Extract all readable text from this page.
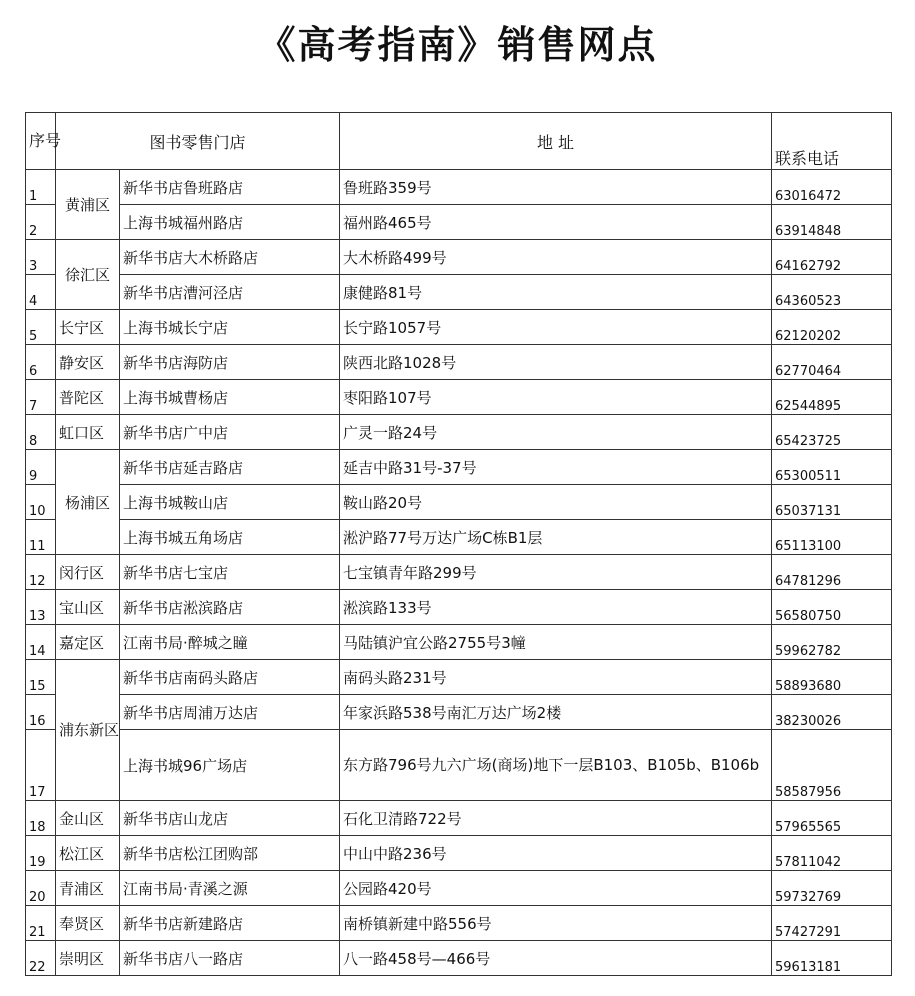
《高考指南》销售网点
序号	图书零售门店		地 址	联系电话

1	黄浦区	新华书店鲁班路店	鲁班路359号	63016472
2		上海书城福州路店	福州路465号	63914848
3	徐汇区	新华书店大木桥路店	大木桥路499号	64162792
4		新华书店漕河泾店	康健路81号	64360523
5	长宁区	上海书城长宁店	长宁路1057号	62120202
6	静安区	新华书店海防店	陕西北路1028号	62770464
7	普陀区	上海书城曹杨店	枣阳路107号	62544895
8	虹口区	新华书店广中店	广灵一路24号	65423725
9	杨浦区	新华书店延吉路店	延吉中路31号-37号	65300511
10		上海书城鞍山店	鞍山路20号	65037131
11		上海书城五角场店	淞沪路77号万达广场C栋B1层	65113100
12	闵行区	新华书店七宝店	七宝镇青年路299号	64781296
13	宝山区	新华书店淞滨路店	淞滨路133号	56580750
14	嘉定区	江南书局·醉城之瞳	马陆镇沪宜公路2755号3幢	59962782
15	浦东新区	新华书店南码头路店	南码头路231号	58893680
16		新华书店周浦万达店	年家浜路538号南汇万达广场2楼	38230026
17		上海书城96广场店	东方路796号九六广场(商场)地下一层B103、B105b、B106b	58587956
18	金山区	新华书店山龙店	石化卫清路722号	57965565
19	松江区	新华书店松江团购部	中山中路236号	57811042
20	青浦区	江南书局·青溪之源	公园路420号	59732769
21	奉贤区	新华书店新建路店	南桥镇新建中路556号	57427291
22	崇明区	新华书店八一路店	八一路458号—466号	59613181
